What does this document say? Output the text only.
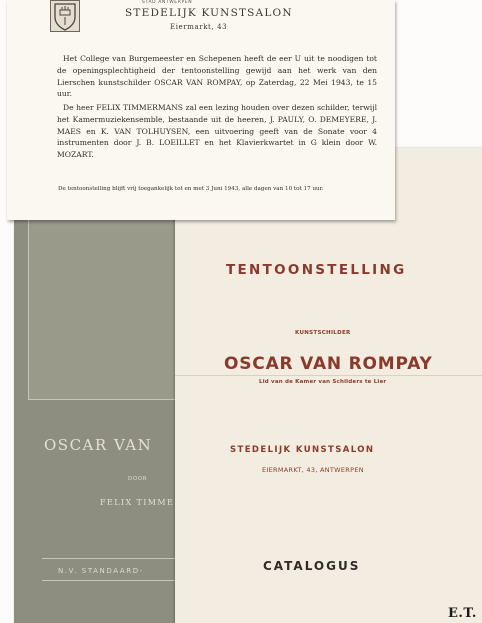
OSCAR VAN
DOOR
FELIX TIMME
N.V. STANDAARD-
TENTOONSTELLING
KUNSTSCHILDER
OSCAR VAN ROMPAY
Lid van de Kamer van Schilders te Lier
STEDELIJK KUNSTSALON
EIERMARKT, 43, ANTWERPEN
CATALOGUS
STAD ANTWERPEN
STEDELIJK KUNSTSALON
Eiermarkt, 43
Het College van Burgemeester en Schepenen heeft de eer U uit te noodigen tot de openingsplechtigheid der tentoonstelling gewijd aan het werk van den Lierschen kunstschilder OSCAR VAN ROMPAY, op Zaterdag, 22 Mei 1943, te 15 uur.
De heer FELIX TIMMERMANS zal een lezing houden over dezen schilder, terwijl het Kamermuziekensemble, bestaande uit de heeren, J. PAULY, O. DEMEYERE, J. MAES en K. VAN TOLHUYSEN, een uitvoering geeft van de Sonate voor 4 instrumenten door J. B. LOEILLET en het Klavierkwartet in G klein door W. MOZART.
De tentoonstelling blijft vrij toegankelijk tot en met 3 Juni 1943, alle dagen van 10 tot 17 uur.
E.T.
